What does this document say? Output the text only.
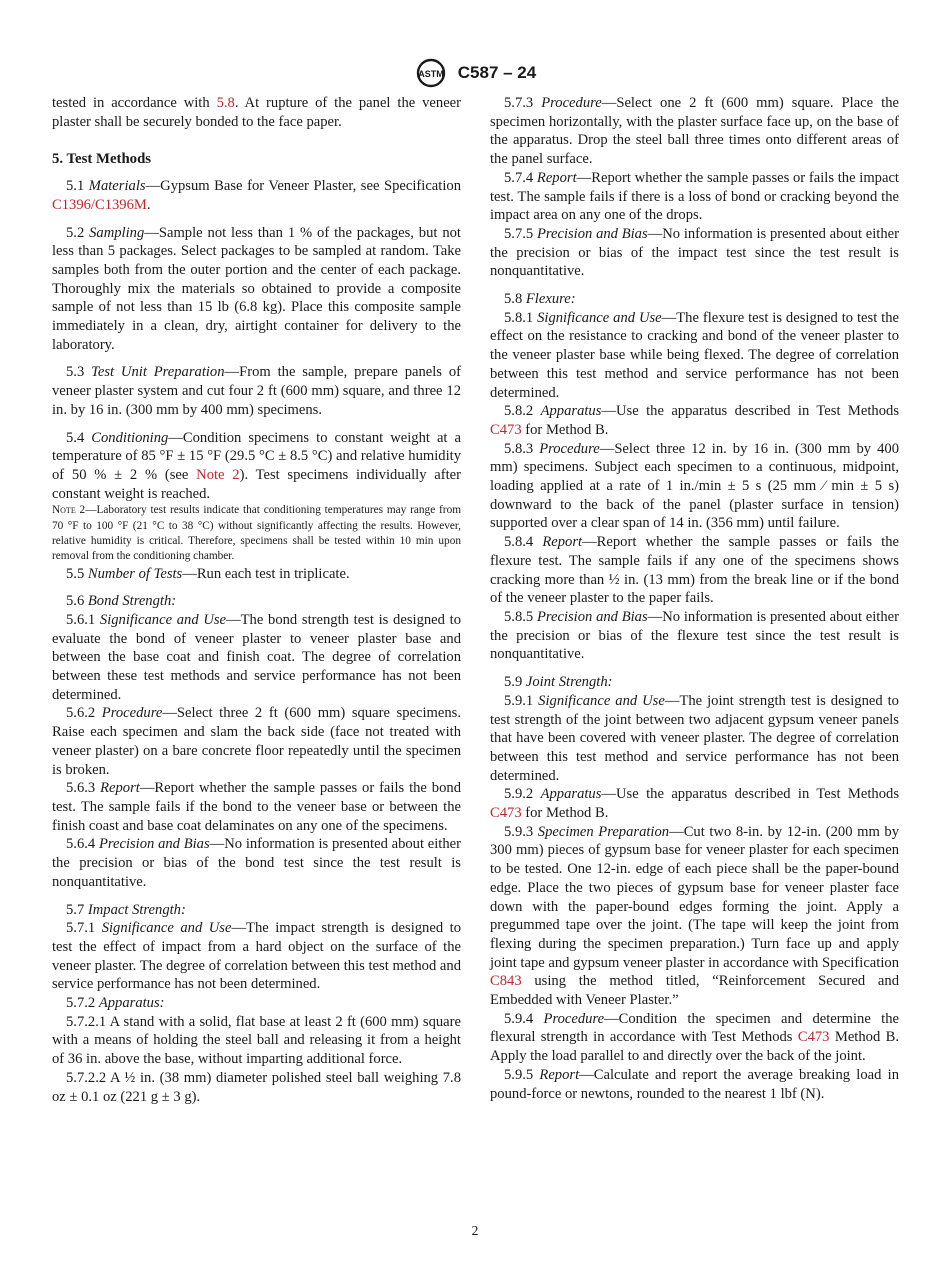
ASTM C587 – 24

tested in accordance with 5.8. At rupture of the panel the veneer plaster shall be securely bonded to the face paper.

5. Test Methods

5.1 Materials—Gypsum Base for Veneer Plaster, see Specification C1396/C1396M.

5.2 Sampling—Sample not less than 1 % of the packages, but not less than 5 packages. Select packages to be sampled at random. Take samples both from the outer portion and the center of each package. Thoroughly mix the materials so obtained to provide a composite sample of not less than 15 lb (6.8 kg). Place this composite sample immediately in a clean, dry, airtight container for delivery to the laboratory.

5.3 Test Unit Preparation—From the sample, prepare panels of veneer plaster system and cut four 2 ft (600 mm) square, and three 12 in. by 16 in. (300 mm by 400 mm) specimens.

5.4 Conditioning—Condition specimens to constant weight at a temperature of 85 °F ± 15 °F (29.5 °C ± 8.5 °C) and relative humidity of 50 % ± 2 % (see Note 2). Test specimens individually after constant weight is reached.

Note 2—Laboratory test results indicate that conditioning temperatures may range from 70 °F to 100 °F (21 °C to 38 °C) without significantly affecting the results. However, relative humidity is critical. Therefore, specimens shall be tested within 10 min upon removal from the conditioning chamber.

5.5 Number of Tests—Run each test in triplicate.

5.6 Bond Strength:

5.6.1 Significance and Use—The bond strength test is designed to evaluate the bond of veneer plaster to veneer plaster base and between the base coat and finish coat. The degree of correlation between these test methods and service performance has not been determined.

5.6.2 Procedure—Select three 2 ft (600 mm) square specimens. Raise each specimen and slam the back side (face not treated with veneer plaster) on a bare concrete floor repeatedly until the specimen is broken.

5.6.3 Report—Report whether the sample passes or fails the bond test. The sample fails if the bond to the veneer base or between the finish coast and base coat delaminates on any one of the specimens.

5.6.4 Precision and Bias—No information is presented about either the precision or bias of the bond test since the test result is nonquantitative.

5.7 Impact Strength:

5.7.1 Significance and Use—The impact strength is designed to test the effect of impact from a hard object on the surface of the veneer plaster. The degree of correlation between this test method and service performance has not been determined.

5.7.2 Apparatus:

5.7.2.1 A stand with a solid, flat base at least 2 ft (600 mm) square with a means of holding the steel ball and releasing it from a height of 36 in. above the base, without imparting additional force.

5.7.2.2 A ½ in. (38 mm) diameter polished steel ball weighing 7.8 oz ± 0.1 oz (221 g ± 3 g).

5.7.3 Procedure—Select one 2 ft (600 mm) square. Place the specimen horizontally, with the plaster surface face up, on the base of the apparatus. Drop the steel ball three times onto different areas of the panel surface.

5.7.4 Report—Report whether the sample passes or fails the impact test. The sample fails if there is a loss of bond or cracking beyond the impact area on any one of the drops.

5.7.5 Precision and Bias—No information is presented about either the precision or bias of the impact test since the test result is nonquantitative.

5.8 Flexure:

5.8.1 Significance and Use—The flexure test is designed to test the effect on the resistance to cracking and bond of the veneer plaster to the veneer plaster base while being flexed. The degree of correlation between this test method and service performance has not been determined.

5.8.2 Apparatus—Use the apparatus described in Test Methods C473 for Method B.

5.8.3 Procedure—Select three 12 in. by 16 in. (300 mm by 400 mm) specimens. Subject each specimen to a continuous, midpoint, loading applied at a rate of 1 in./min ± 5 s (25 mm ⁄ min ± 5 s) downward to the back of the panel (plaster surface in tension) supported over a clear span of 14 in. (356 mm) until failure.

5.8.4 Report—Report whether the sample passes or fails the flexure test. The sample fails if any one of the specimens shows cracking more than ½ in. (13 mm) from the break line or if the bond of the veneer plaster to the paper fails.

5.8.5 Precision and Bias—No information is presented about either the precision or bias of the flexure test since the test result is nonquantitative.

5.9 Joint Strength:

5.9.1 Significance and Use—The joint strength test is designed to test strength of the joint between two adjacent gypsum veneer panels that have been covered with veneer plaster. The degree of correlation between this test method and service performance has not been determined.

5.9.2 Apparatus—Use the apparatus described in Test Methods C473 for Method B.

5.9.3 Specimen Preparation—Cut two 8-in. by 12-in. (200 mm by 300 mm) pieces of gypsum base for veneer plaster for each specimen to be tested. One 12-in. edge of each piece shall be the paper-bound edge. Place the two pieces of gypsum base for veneer plaster face down with the paper-bound edges forming the joint. Apply a pregummed tape over the joint. (The tape will keep the joint from flexing during the specimen preparation.) Turn face up and apply joint tape and gypsum veneer plaster in accordance with Specification C843 using the method titled, “Reinforcement Secured and Embedded with Veneer Plaster.”

5.9.4 Procedure—Condition the specimen and determine the flexural strength in accordance with Test Methods C473 Method B. Apply the load parallel to and directly over the back of the joint.

5.9.5 Report—Calculate and report the average breaking load in pound-force or newtons, rounded to the nearest 1 lbf (N).

2
